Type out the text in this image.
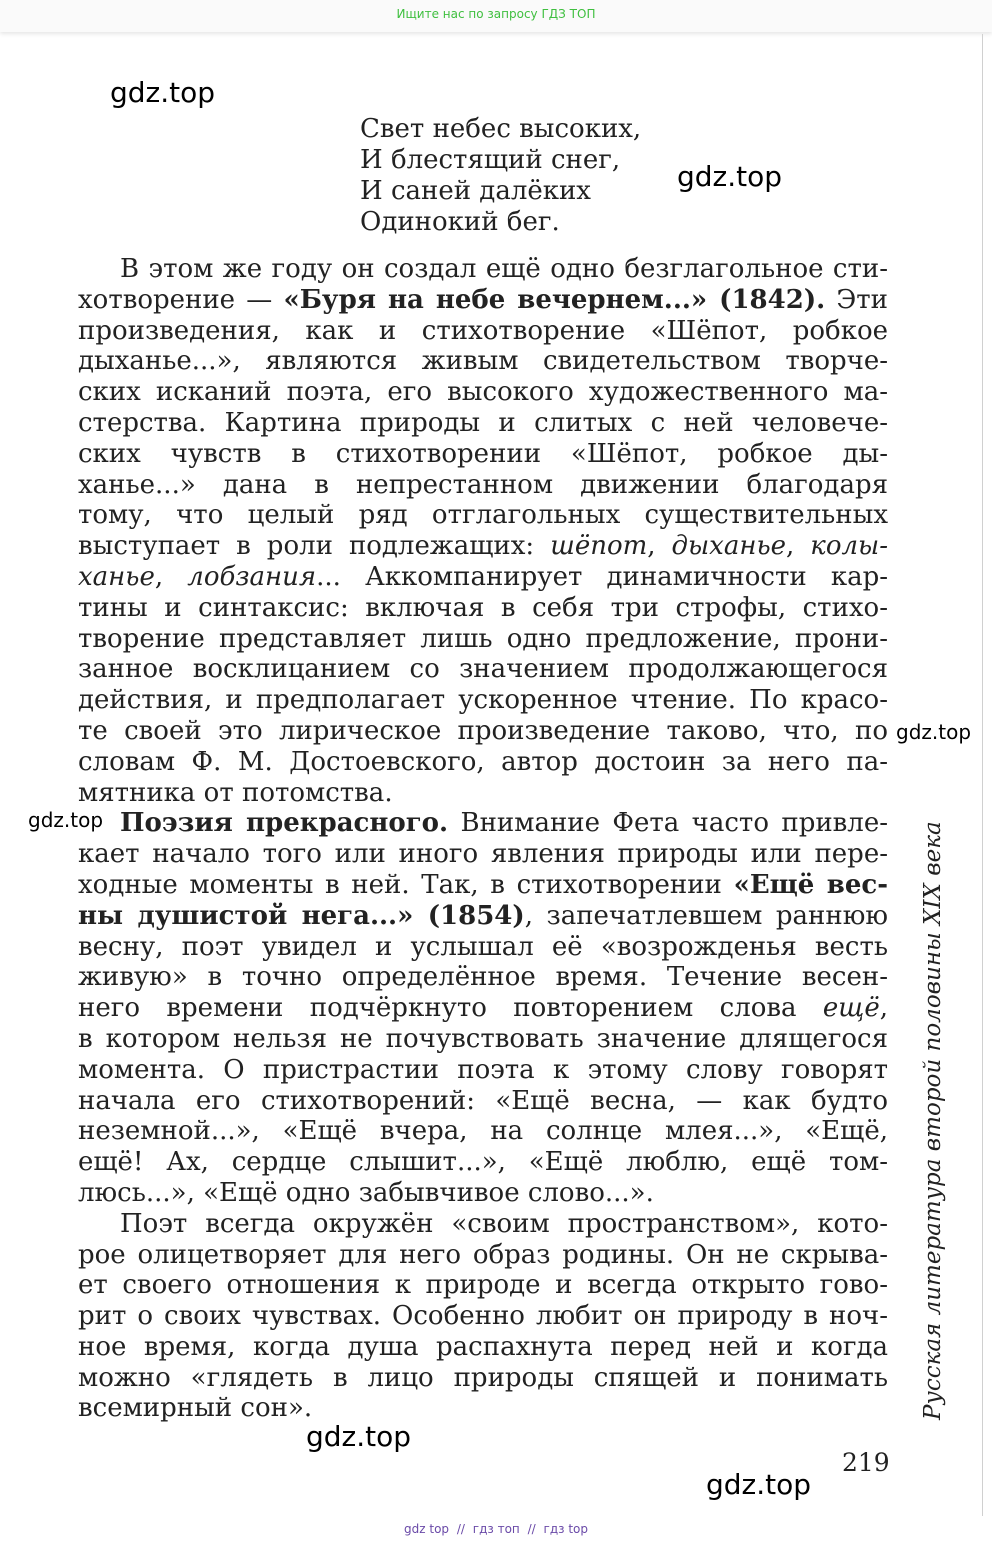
Ищите нас по запросу ГДЗ ТОП
gdz.top
gdz.top
gdz.top
gdz.top
gdz.top
gdz.top
Свет небес высоких,
И блестящий снег,
И саней далёких
Одинокий бег.
В этом же году он создал ещё одно безглагольное сти-
хотворение — «Буря на небе вечернем...» (1842). Эти
произведения, как и стихотворение «Шёпот, робкое
дыханье...», являются живым свидетельством творче-
ских исканий поэта, его высокого художественного ма-
стерства. Картина природы и слитых с ней человече-
ских чувств в стихотворении «Шёпот, робкое ды-
ханье...» дана в непрестанном движении благодаря
тому, что целый ряд отглагольных существительных
выступает в роли подлежащих: шёпот, дыханье, колы-
ханье, лобзания... Аккомпанирует динамичности кар-
тины и синтаксис: включая в себя три строфы, стихо-
творение представляет лишь одно предложение, прони-
занное восклицанием со значением продолжающегося
действия, и предполагает ускоренное чтение. По красо-
те своей это лирическое произведение таково, что, по
словам Ф. М. Достоевского, автор достоин за него па-
мятника от потомства.
Поэзия прекрасного. Внимание Фета часто привле-
кает начало того или иного явления природы или пере-
ходные моменты в ней. Так, в стихотворении «Ещё вес-
ны душистой нега...» (1854), запечатлевшем раннюю
весну, поэт увидел и услышал её «возрожденья весть
живую» в точно определённое время. Течение весен-
него времени подчёркнуто повторением слова ещё,
в котором нельзя не почувствовать значение длящегося
момента. О пристрастии поэта к этому слову говорят
начала его стихотворений: «Ещё весна, — как будто
неземной...», «Ещё вчера, на солнце млея...», «Ещё,
ещё! Ах, сердце слышит...», «Ещё люблю, ещё том-
люсь...», «Ещё одно забывчивое слово...».
Поэт всегда окружён «своим пространством», кото-
рое олицетворяет для него образ родины. Он не скрыва-
ет своего отношения к природе и всегда открыто гово-
рит о своих чувствах. Особенно любит он природу в ноч-
ное время, когда душа распахнута перед ней и когда
можно «глядеть в лицо природы спящей и понимать
всемирный сон».	Русская литература второй половины XIX века
219
gdz top // гдз топ // гдз top
